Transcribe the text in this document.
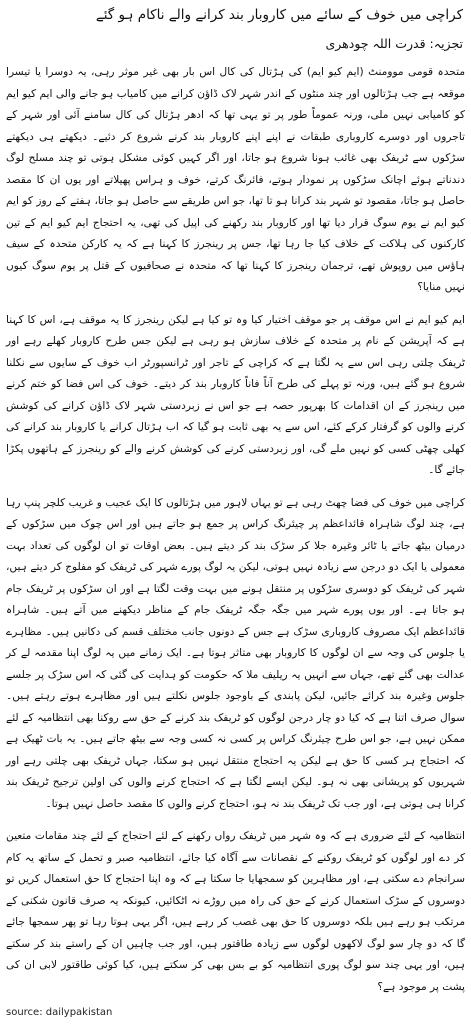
کراچی میں خوف کے سائے میں کاروبار بند کرانے والے ناکام ہو گئے
تجزیہ: قدرت اللہ چودھری

متحدہ قومی موومنٹ (ایم کیو ایم) کی ہڑتال کی کال اس بار بھی غیر موثر رہی، یہ دوسرا یا تیسرا موقعہ ہے جب ہڑتالوں اور چند منٹوں کے اندر شہر لاک ڈاؤن کرانے میں کامیاب ہو جانے والی ایم کیو ایم کو کامیابی نہیں ملی، ورنہ عموماً طور پر تو یہی تھا کہ ادھر ہڑتال کی کال سامنے آئی اور شہر کے تاجروں اور دوسرے کاروباری طبقات نے اپنے اپنے کاروبار بند کرنے شروع کر دئیے۔ دیکھتے ہی دیکھتے سڑکوں سے ٹریفک بھی غائب ہونا شروع ہو جاتا، اور اگر کہیں کوئی مشکل ہوتی تو چند مسلح لوگ دندناتے ہوئے اچانک سڑکوں پر نمودار ہوتے، فائرنگ کرتے، خوف و ہراس پھیلاتے اور یوں ان کا مقصد حاصل ہو جاتا، مقصود تو شہر بند کرانا ہو تا تھا، جو اس طریقے سے حاصل ہو جاتا، ہفتے کے روز کو ایم کیو ایم نے یوم سوگ قرار دیا تھا اور کاروبار بند رکھنے کی اپیل کی تھی، یہ احتجاج ایم کیو ایم کے تین کارکنوں کی ہلاکت کے خلاف کیا جا رہا تھا، جس پر رینجرز کا کہنا ہے کہ یہ کارکن متحدہ کے سیف ہاؤس میں روپوش تھے، ترجمان رینجرز کا کہنا تھا کہ متحدہ نے صحافیوں کے قتل پر یوم سوگ کیوں نہیں منایا؟

ایم کیو ایم نے اس موقف پر جو موقف اختیار کیا وہ تو کیا ہے لیکن رینجرز کا یہ موقف ہے، اس کا کہنا ہے کہ آپریشن کے نام پر متحدہ کے خلاف سازش ہو رہی ہے لیکن جس طرح کاروبار کھلے رہے اور ٹریفک چلتی رہی اس سے یہ لگتا ہے کہ کراچی کے تاجر اور ٹرانسپورٹر اب خوف کے سایوں سے نکلنا شروع ہو گئے ہیں، ورنہ تو پہلے کی طرح آناً فاناً کاروبار بند کر دیتے۔ خوف کی اس فضا کو ختم کرنے میں رینجرز کے ان اقدامات کا بھرپور حصہ ہے جو اس نے زبردستی شہر لاک ڈاؤن کرانے کی کوشش کرنے والوں کو گرفتار کرکے کئے، اس سے یہ بھی ثابت ہو گیا کہ اب ہڑتال کرانے یا کاروبار بند کرانے کی کھلی چھٹی کسی کو نہیں ملے گی، اور زبردستی کرنے کی کوشش کرنے والے کو رینجرز کے ہاتھوں پکڑا جائے گا۔

کراچی میں خوف کی فضا چھٹ رہی ہے تو یہاں لاہور میں ہڑتالوں کا ایک عجیب و غریب کلچر پنپ رہا ہے، چند لوگ شاہراہ قائداعظم پر چیئرنگ کراس پر جمع ہو جاتے ہیں اور اس چوک میں سڑکوں کے درمیان بیٹھ جاتے یا ٹائر وغیرہ جلا کر سڑک بند کر دیتے ہیں۔ بعض اوقات تو ان لوگوں کی تعداد بہت معمولی یا ایک دو درجن سے زیادہ نہیں ہوتی، لیکن یہ لوگ پورے شہر کی ٹریفک کو مفلوج کر دیتے ہیں، شہر کی ٹریفک کو دوسری سڑکوں پر منتقل ہونے میں بہت وقت لگتا ہے اور ان سڑکوں پر ٹریفک جام ہو جاتا ہے۔ اور یوں پورے شہر میں جگہ جگہ ٹریفک جام کے مناظر دیکھنے میں آتے ہیں۔ شاہراہ قائداعظم ایک مصروف کاروباری سڑک ہے جس کے دونوں جانب مختلف قسم کی دکانیں ہیں۔ مظاہرے یا جلوس کی وجہ سے ان لوگوں کا کاروبار بھی متاثر ہوتا ہے۔ ایک زمانے میں یہ لوگ اپنا مقدمہ لے کر عدالت بھی گئے تھے، جہاں سے انہیں یہ ریلیف ملا کہ حکومت کو ہدایت کی گئی کہ اس سڑک پر جلسے جلوس وغیرہ بند کرائے جائیں، لیکن پابندی کے باوجود جلوس نکلتے ہیں اور مظاہرے ہوتے رہتے ہیں۔ سوال صرف اتنا ہے کہ کیا دو چار درجن لوگوں کو ٹریفک بند کرنے کے حق سے روکنا بھی انتظامیہ کے لئے ممکن نہیں ہے، جو اس طرح چیئرنگ کراس پر کسی نہ کسی وجہ سے بیٹھ جاتے ہیں۔ یہ بات ٹھیک ہے کہ احتجاج ہر کسی کا حق ہے لیکن یہ احتجاج منتقل نہیں ہو سکتا، جہاں ٹریفک بھی چلتی رہے اور شہریوں کو پریشانی بھی نہ ہو۔ لیکن ایسے لگتا ہے کہ احتجاج کرنے والوں کی اولین ترجیح ٹریفک بند کرانا ہی ہوتی ہے، اور جب تک ٹریفک بند نہ ہو، احتجاج کرنے والوں کا مقصد حاصل نہیں ہوتا۔

انتظامیہ کے لئے ضروری ہے کہ وہ شہر میں ٹریفک رواں رکھنے کے لئے احتجاج کے لئے چند مقامات متعین کر دے اور لوگوں کو ٹریفک روکنے کے نقصانات سے آگاہ کیا جائے، انتظامیہ صبر و تحمل کے ساتھ یہ کام سرانجام دے سکتی ہے، اور مظاہرین کو سمجھایا جا سکتا ہے کہ وہ اپنا احتجاج کا حق استعمال کریں تو دوسروں کے سڑک استعمال کرنے کے حق کی راہ میں روڑے نہ اٹکائیں، کیونکہ یہ صرف قانون شکنی کے مرتکب ہو رہے ہیں بلکہ دوسروں کا حق بھی غصب کر رہے ہیں، اگر یہی ہوتا رہا تو پھر سمجھا جائے گا کہ دو چار سو لوگ لاکھوں لوگوں سے زیادہ طاقتور ہیں، اور جب چاہیں ان کے راستے بند کر سکتے ہیں، اور یہی چند سو لوگ پوری انتظامیہ کو بے بس بھی کر سکتے ہیں، کیا کوئی طاقتور لابی ان کی پشت پر موجود ہے؟

source: dailypakistan
